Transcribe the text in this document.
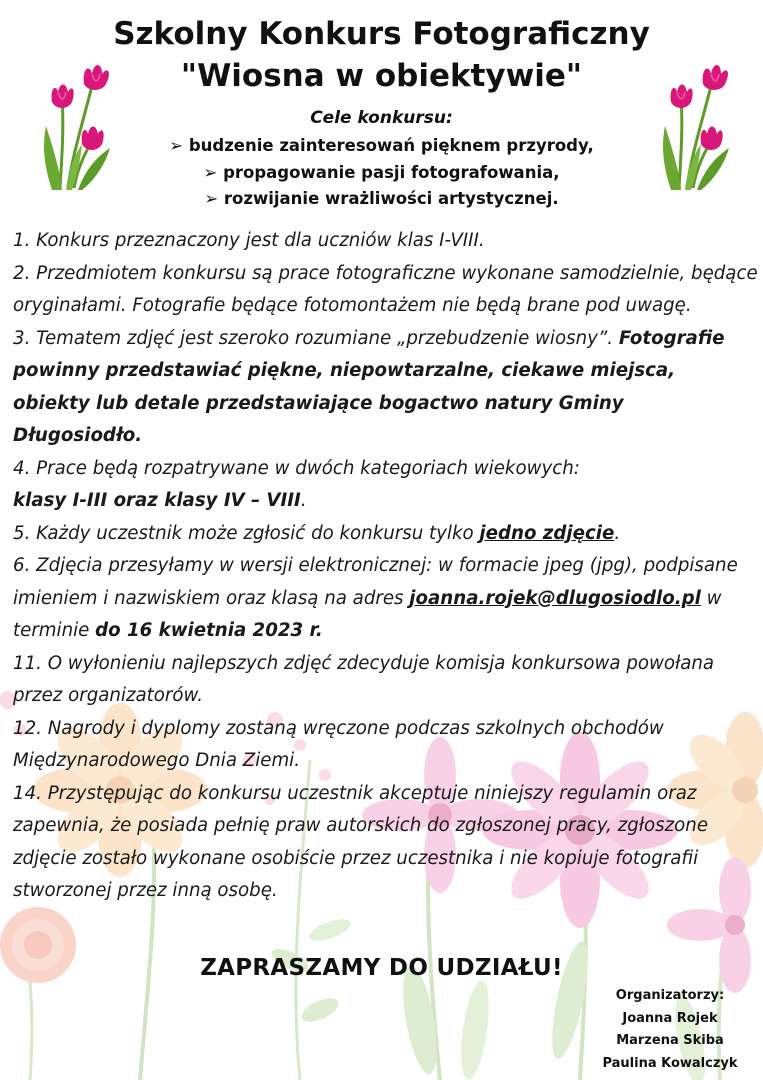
Szkolny Konkurs Fotograficzny
"Wiosna w obiektywie"
Cele konkursu:
➢ budzenie zainteresowań pięknem przyrody,
➢ propagowanie pasji fotografowania,
➢ rozwijanie wrażliwości artystycznej.

1. Konkurs przeznaczony jest dla uczniów klas I-VIII.

2. Przedmiotem konkursu są prace fotograficzne wykonane samodzielnie, będące oryginałami. Fotografie będące fotomontażem nie będą brane pod uwagę.

3. Tematem zdjęć jest szeroko rozumiane „przebudzenie wiosny”. Fotografie powinny przedstawiać piękne, niepowtarzalne, ciekawe miejsca, obiekty lub detale przedstawiające bogactwo natury Gminy Długosiodło.

4. Prace będą rozpatrywane w dwóch kategoriach wiekowych:
klasy I-III oraz klasy IV – VIII.

5. Każdy uczestnik może zgłosić do konkursu tylko jedno zdjęcie.

6. Zdjęcia przesyłamy w wersji elektronicznej: w formacie jpeg (jpg), podpisane imieniem i nazwiskiem oraz klasą na adres joanna.rojek@dlugosiodlo.pl w terminie do 16 kwietnia 2023 r.

11. O wyłonieniu najlepszych zdjęć zdecyduje komisja konkursowa powołana przez organizatorów.

12. Nagrody i dyplomy zostaną wręczone podczas szkolnych obchodów Międzynarodowego Dnia Ziemi.

14. Przystępując do konkursu uczestnik akceptuje niniejszy regulamin oraz zapewnia, że posiada pełnię praw autorskich do zgłoszonej pracy, zgłoszone zdjęcie zostało wykonane osobiście przez uczestnika i nie kopiuje fotografii stworzonej przez inną osobę.

ZAPRASZAMY DO UDZIAŁU!
Organizatorzy:
Joanna Rojek
Marzena Skiba
Paulina Kowalczyk
